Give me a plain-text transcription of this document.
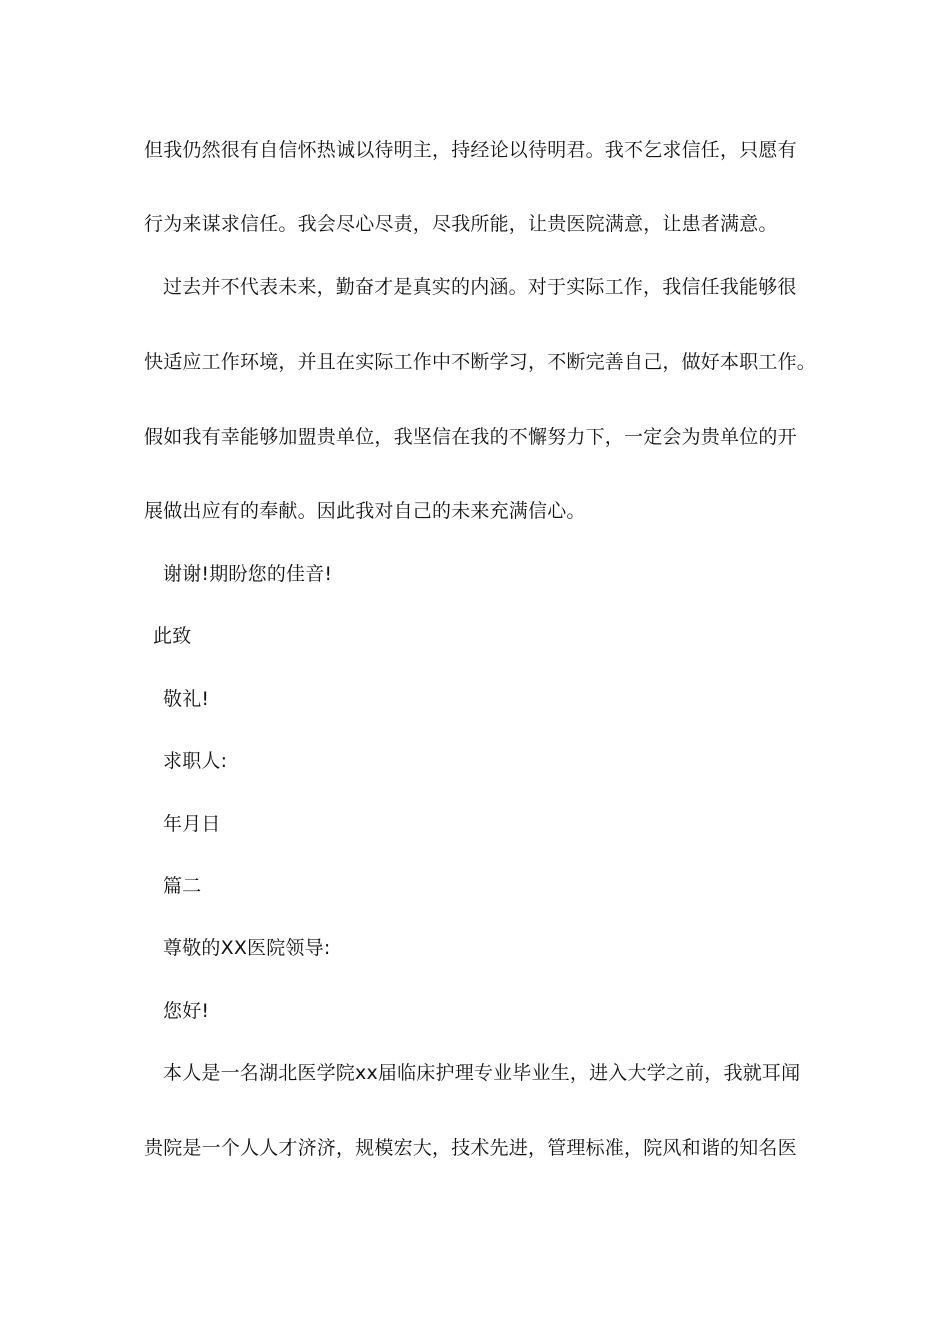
但我仍然很有自信怀热诚以待明主，持经论以待明君。我不乞求信任，只愿有
行为来谋求信任。我会尽心尽责，尽我所能，让贵医院满意，让患者满意。
过去并不代表未来，勤奋才是真实的内涵。对于实际工作，我信任我能够很
快适应工作环境，并且在实际工作中不断学习，不断完善自己，做好本职工作。
假如我有幸能够加盟贵单位，我坚信在我的不懈努力下，一定会为贵单位的开
展做出应有的奉献。因此我对自己的未来充满信心。
谢谢!期盼您的佳音!
此致
敬礼!
求职人:
年月日
篇二
尊敬的XX医院领导:
您好!
本人是一名湖北医学院xx届临床护理专业毕业生，进入大学之前，我就耳闻
贵院是一个人人才济济，规模宏大，技术先进，管理标准，院风和谐的知名医
